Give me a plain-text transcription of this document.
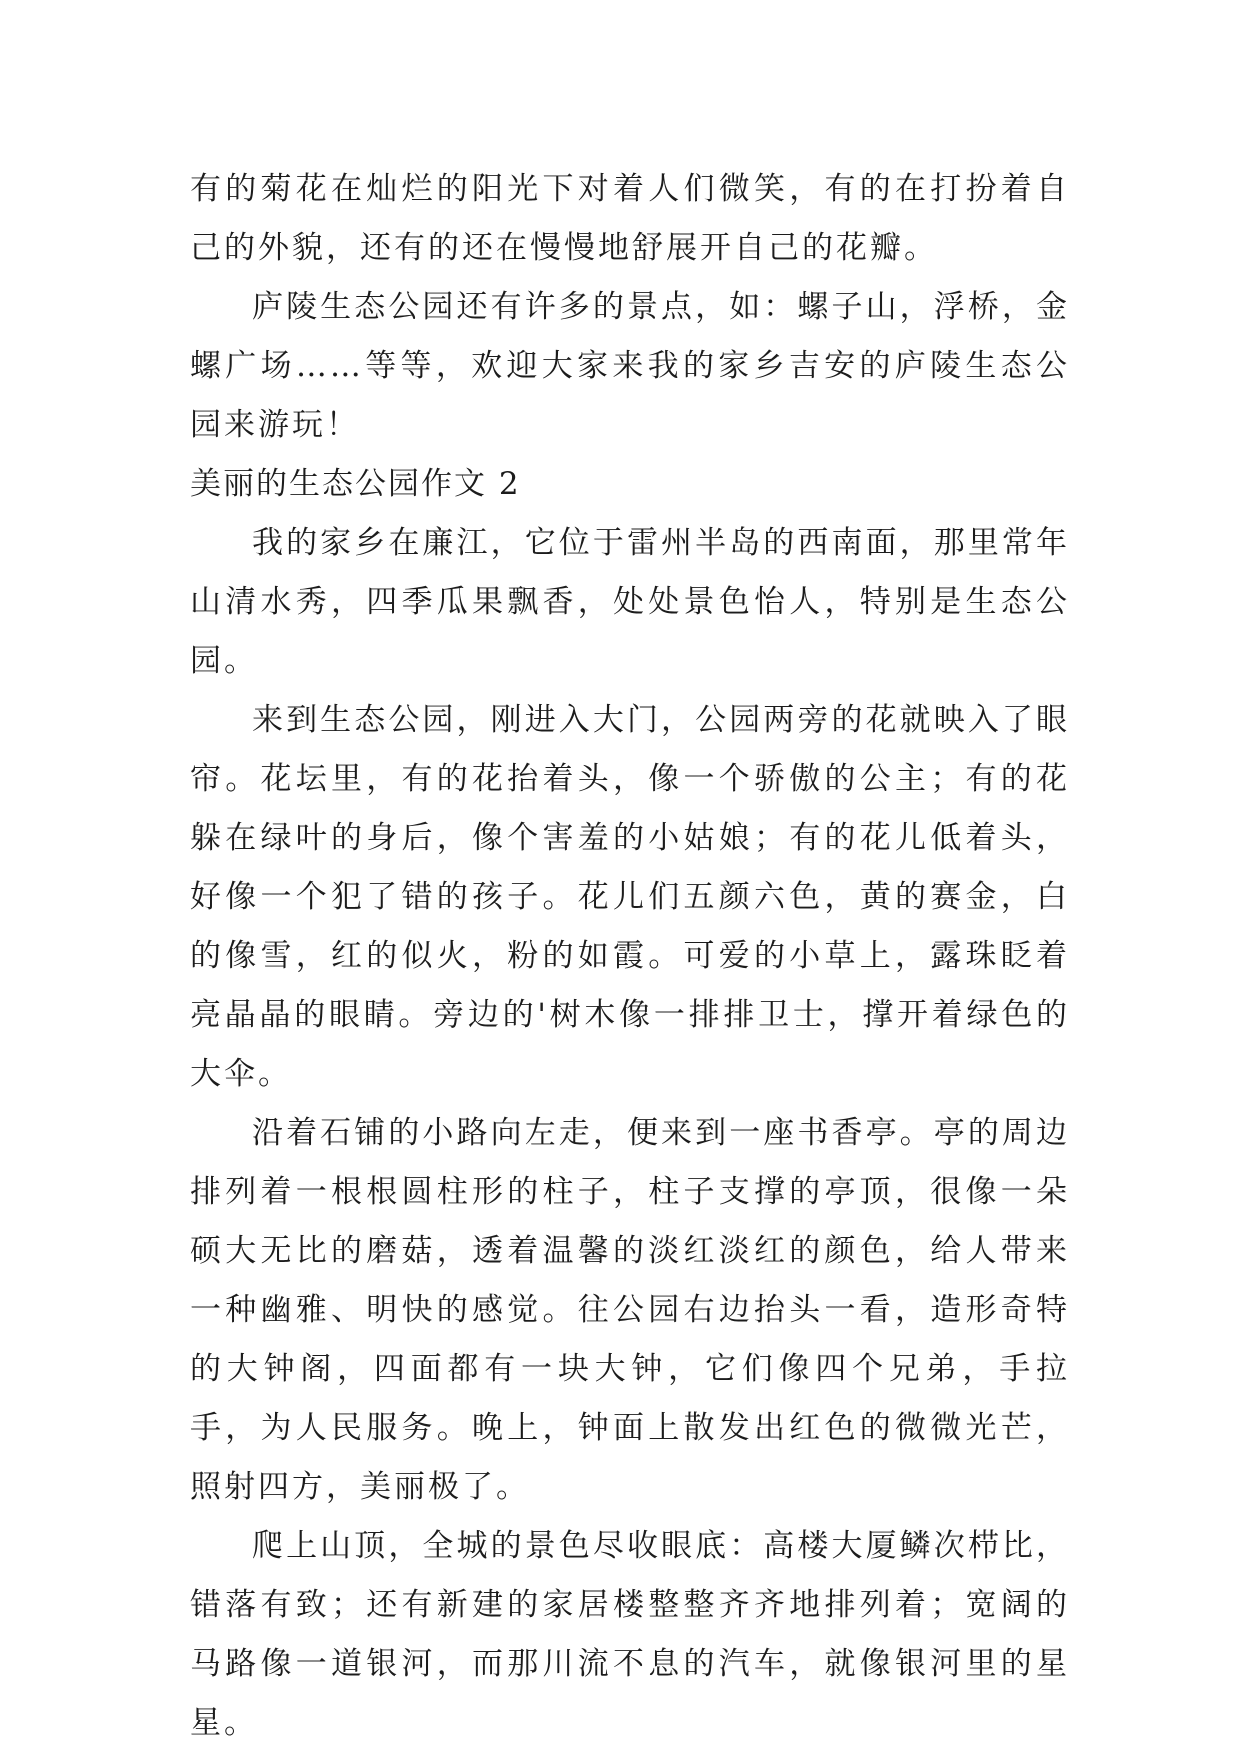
有的菊花在灿烂的阳光下对着人们微笑，有的在打扮着自己的外貌，还有的还在慢慢地舒展开自己的花瓣。

庐陵生态公园还有许多的景点，如：螺子山，浮桥，金螺广场……等等，欢迎大家来我的家乡吉安的庐陵生态公园来游玩！

美丽的生态公园作文 2

我的家乡在廉江，它位于雷州半岛的西南面，那里常年山清水秀，四季瓜果飘香，处处景色怡人，特别是生态公园。

来到生态公园，刚进入大门，公园两旁的花就映入了眼帘。花坛里，有的花抬着头，像一个骄傲的公主；有的花躲在绿叶的身后，像个害羞的小姑娘；有的花儿低着头，好像一个犯了错的孩子。花儿们五颜六色，黄的赛金，白的像雪，红的似火，粉的如霞。可爱的小草上，露珠眨着亮晶晶的眼睛。旁边的'树木像一排排卫士，撑开着绿色的大伞。

沿着石铺的小路向左走，便来到一座书香亭。亭的周边排列着一根根圆柱形的柱子，柱子支撑的亭顶，很像一朵硕大无比的磨菇，透着温馨的淡红淡红的颜色，给人带来一种幽雅、明快的感觉。往公园右边抬头一看，造形奇特的大钟阁，四面都有一块大钟，它们像四个兄弟，手拉手，为人民服务。晚上，钟面上散发出红色的微微光芒，照射四方，美丽极了。

爬上山顶，全城的景色尽收眼底：高楼大厦鳞次栉比，错落有致；还有新建的家居楼整整齐齐地排列着；宽阔的马路像一道银河，而那川流不息的汽车，就像银河里的星星。
